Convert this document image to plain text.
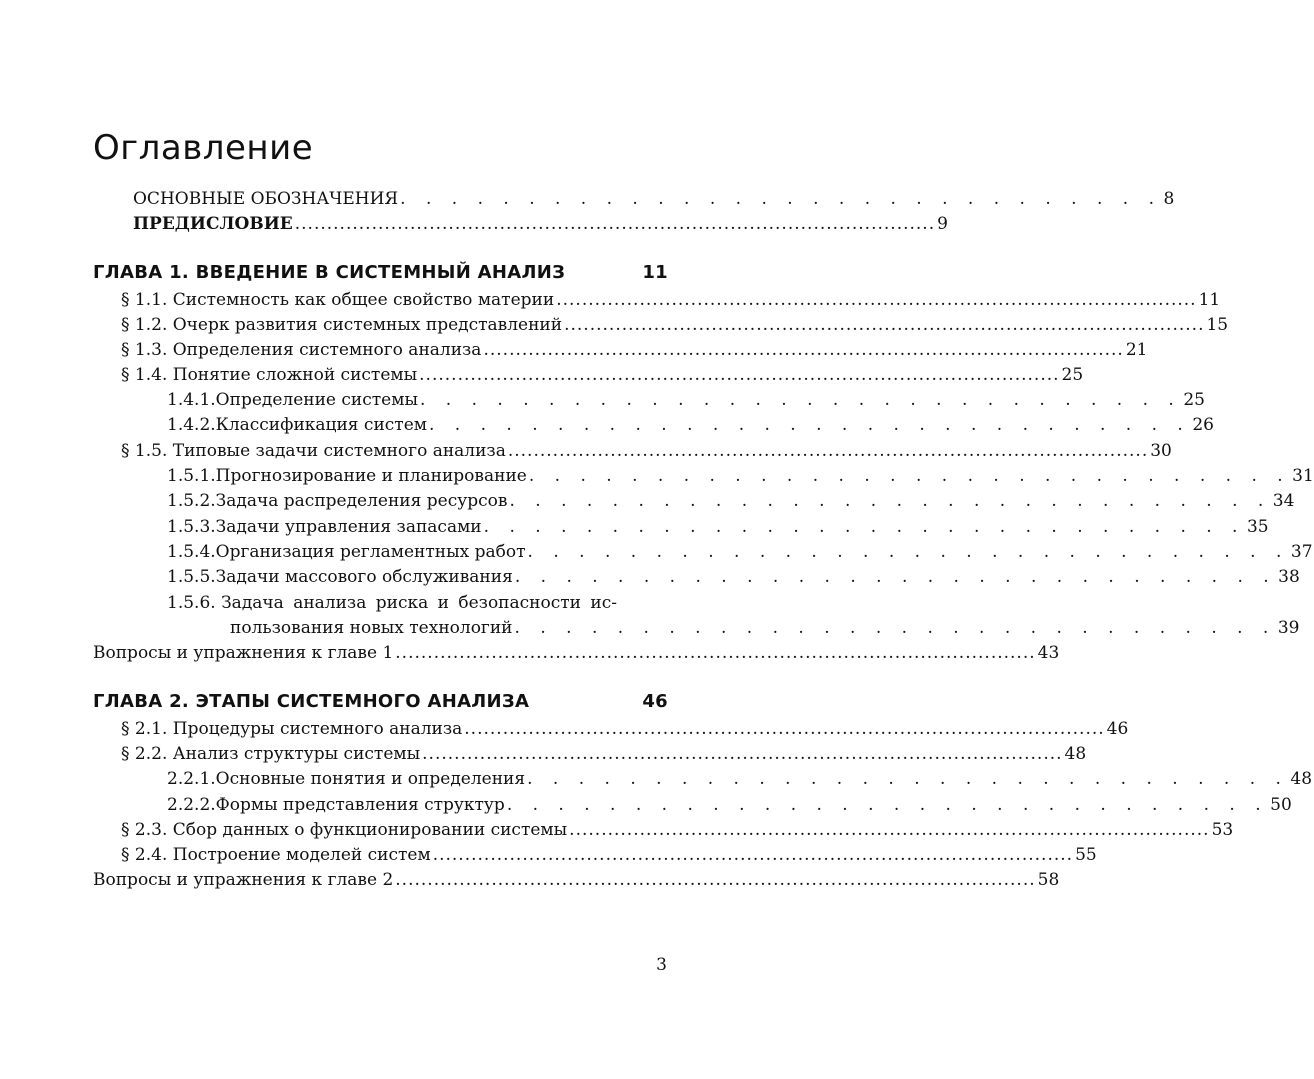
Оглавление
ОСНОВНЫЕ ОБОЗНАЧЕНИЯ . . . . . . . . . . . . . . . . . . . . . . . . . . . . . . 8
ПРЕДИСЛОВИЕ .................................................................................................... 9
ГЛАВА 1. ВВЕДЕНИЕ В СИСТЕМНЫЙ АНАЛИЗ	11
§ 1.1. Системность как общее свойство материи .................................................................................................... 11
§ 1.2. Очерк развития системных представлений .................................................................................................... 15
§ 1.3. Определения системного анализа .................................................................................................... 21
§ 1.4. Понятие сложной системы .................................................................................................... 25
1.4.1. Определение системы . . . . . . . . . . . . . . . . . . . . . . . . . . . . . . 25
1.4.2. Классификация систем . . . . . . . . . . . . . . . . . . . . . . . . . . . . . . 26
§ 1.5. Типовые задачи системного анализа .................................................................................................... 30
1.5.1. Прогнозирование и планирование . . . . . . . . . . . . . . . . . . . . . . . . . . . . . . 31
1.5.2. Задача распределения ресурсов . . . . . . . . . . . . . . . . . . . . . . . . . . . . . . 34
1.5.3. Задачи управления запасами . . . . . . . . . . . . . . . . . . . . . . . . . . . . . . 35
1.5.4. Организация регламентных работ . . . . . . . . . . . . . . . . . . . . . . . . . . . . . . 37
1.5.5. Задачи массового обслуживания . . . . . . . . . . . . . . . . . . . . . . . . . . . . . . 38
1.5.6. Задача анализа риска и безопасности ис-
пользования новых технологий . . . . . . . . . . . . . . . . . . . . . . . . . . . . . . 39
Вопросы и упражнения к главе 1 .................................................................................................... 43
ГЛАВА 2. ЭТАПЫ СИСТЕМНОГО АНАЛИЗА	46
§ 2.1. Процедуры системного анализа .................................................................................................... 46
§ 2.2. Анализ структуры системы .................................................................................................... 48
2.2.1. Основные понятия и определения . . . . . . . . . . . . . . . . . . . . . . . . . . . . . . 48
2.2.2. Формы представления структур . . . . . . . . . . . . . . . . . . . . . . . . . . . . . . 50
§ 2.3. Сбор данных о функционировании системы .................................................................................................... 53
§ 2.4. Построение моделей систем .................................................................................................... 55
Вопросы и упражнения к главе 2 .................................................................................................... 58
3
